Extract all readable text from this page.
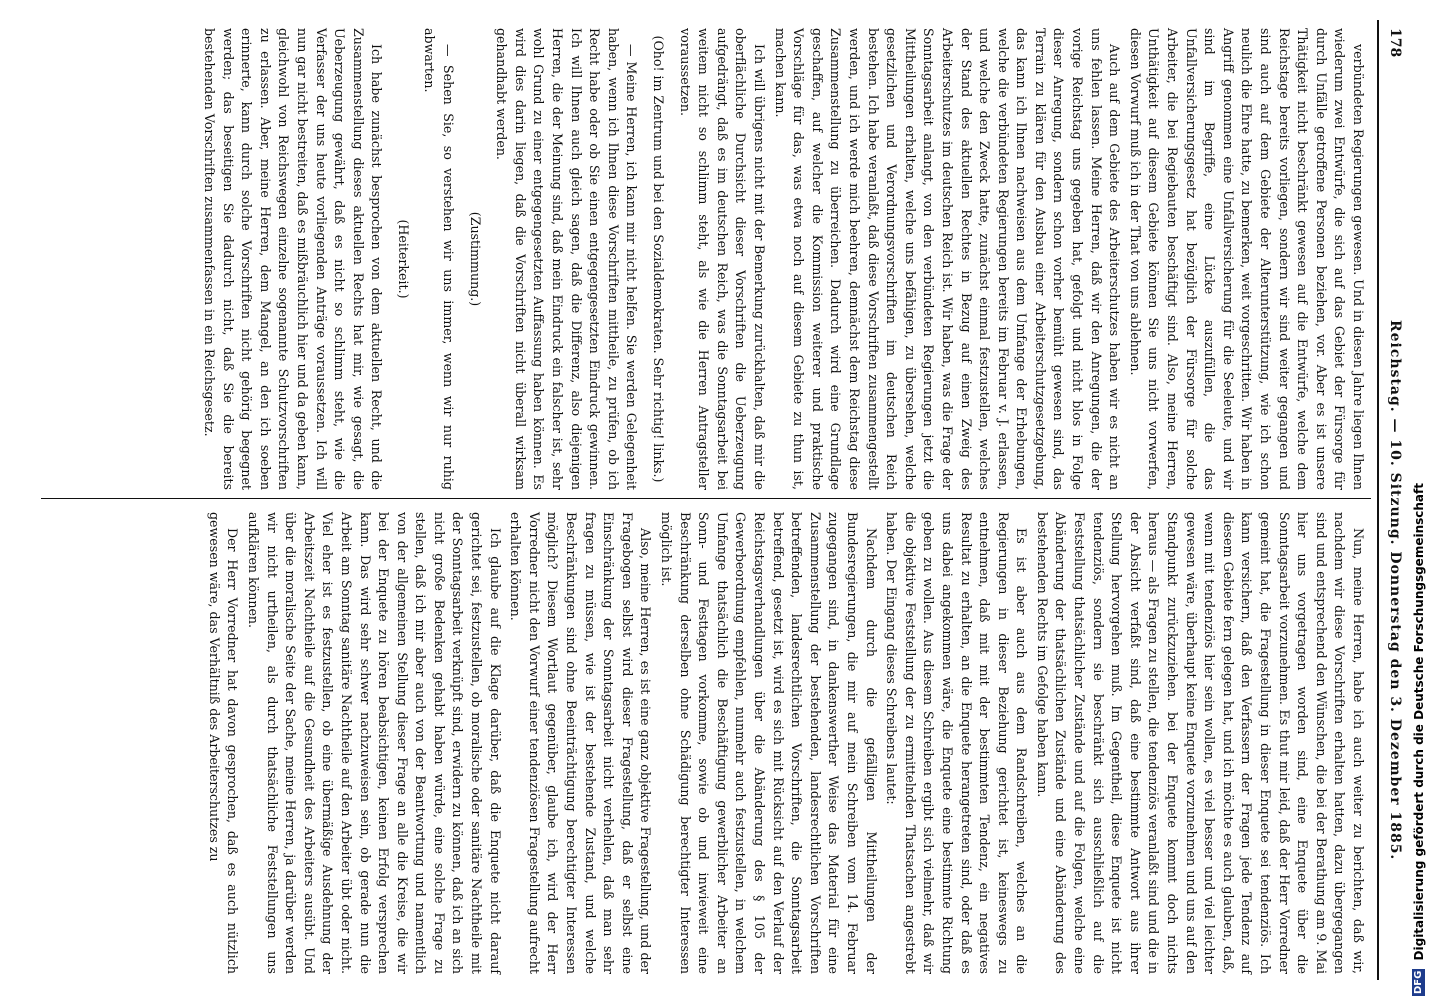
178
Reichstag. — 10. Sitzung. Donnerstag den 3. Dezember 1885.

verbündeten Regierungen gewesen. Und in diesen Jahre liegen Ihnen wiederum zwei Entwürfe, die sich auf das Gebiet der Fürsorge für durch Unfälle getroffene Personen beziehen, vor. Aber es ist unsere Thätigkeit nicht beschränkt gewesen auf die Entwürfe, welche dem Reichstage bereits vorliegen, sondern wir sind weiter gegangen und sind auch auf dem Gebiete der Alterunterstützung, wie ich schon neulich die Ehre hatte, zu bemerken, weit vorgeschritten. Wir haben in Angriff genommen eine Unfallversicherung für die Seeleute, und wir sind im Begriffe, eine Lücke auszufüllen, die das Unfallversicherungsgesetz hat bezüglich der Fürsorge für solche Arbeiter, die bei Regiebauten beschäftigt sind. Also, meine Herren, Unthätigkeit auf diesem Gebiete können Sie uns nicht vorwerfen, diesen Vorwurf muß ich in der That von uns ablehnen.

Auch auf dem Gebiete des Arbeiterschutzes haben wir es nicht an uns fehlen lassen. Meine Herren, daß wir den Anregungen, die der vorige Reichstag uns gegeben hat, gefolgt und nicht blos in Folge dieser Anregung, sondern schon vorher bemüht gewesen sind, das Terrain zu klären für den Ausbau einer Arbeiterschutzgesetzgebung, das kann ich Ihnen nachweisen aus dem Umfange der Erhebungen, welche die verbündeten Regierungen bereits im Februar v. J. erlassen, und welche den Zweck hatte, zunächst einmal festzustellen, welches der Stand des aktuellen Rechtes in Bezug auf einen Zweig des Arbeiterschutzes im deutschen Reich ist. Wir haben, was die Frage der Sonntagsarbeit anlangt, von den verbündeten Regierungen jetzt die Mittheilungen erhalten, welche uns befähigen, zu übersehen, welche gesetzlichen und Verordnungsvorschriften im deutschen Reich bestehen. Ich habe veranlaßt, daß diese Vorschriften zusammengestellt werden, und ich werde mich beehren, demnächst dem Reichstag diese Zusammenstellung zu überreichen. Dadurch wird eine Grundlage geschaffen, auf welcher die Kommission weiterer und praktische Vorschläge für das, was etwa noch auf diesem Gebiete zu thun ist, machen kann.

Ich will übrigens nicht mit der Bemerkung zurückhalten, daß mir die oberflächliche Durchsicht dieser Vorschriften die Ueberzeugung aufgedrängt, daß es im deutschen Reich, was die Sonntagsarbeit bei weitem nicht so schlimm steht, als wie die Herren Antragsteller voraussetzen.

(Oho! im Zentrum und bei den Sozialdemokraten. Sehr richtig! links.)

— Meine Herren, ich kann mir nicht helfen. Sie werden Gelegenheit haben, wenn ich Ihnen diese Vorschriften mittheile, zu prüfen, ob ich Recht habe oder ob Sie einen entgegengesetzten Eindruck gewinnen. Ich will Ihnen auch gleich sagen, daß die Differenz, also diejenigen Herren, die der Meinung sind, daß mein Eindruck ein falscher ist, sehr wohl Grund zu einer entgegengesetzten Auffassung haben können. Es wird dies darin liegen, daß die Vorschriften nicht überall wirksam gehandhabt werden.

(Zustimmung.)

— Sehen Sie, so verstehen wir uns immer, wenn wir nur ruhig abwarten.

(Heiterkeit.)

Ich habe zunächst besprochen von dem aktuellen Recht, und die Zusammenstellung dieses aktuellen Rechts hat mir, wie gesagt, die Ueberzeugung gewährt, daß es nicht so schlimm steht, wie die Verfasser der uns heute vorliegenden Anträge voraussetzen. Ich will nun gar nicht bestreiten, daß es mißbräuchlich hier und da geben kann, gleichwohl von Reichswegen einzelne sogenannte Schutzvorschriften zu erlassen. Aber, meine Herren, dem Mangel, an den ich soeben erinnerte, kann durch solche Vorschriften nicht gehörig begegnet werden; das beseitigen Sie dadurch nicht, daß Sie die bereits bestehenden Vorschriften zusammenfassen in ein Reichsgesetz.

Nun, meine Herren, habe ich auch weiter zu berichten, daß wir, nachdem wir diese Vorschriften erhalten hatten, dazu übergegangen sind und entsprechend den Wünschen, die bei der Berathung am 9. Mai hier uns vorgetragen worden sind, eine Enquete über die Sonntagsarbeit vorzunehmen. Es thut mir leid, daß der Herr Vorredner gemeint hat, die Fragestellung in dieser Enquete sei tendenziös. Ich kann versichern, daß den Verfassern der Fragen jede Tendenz auf diesem Gebiete fern gelegen hat, und ich möchte es auch glauben, daß, wenn mit tendenziös hier sein wollen, es viel besser und viel leichter gewesen wäre, überhaupt keine Enquete vorzunehmen und uns auf den Standpunkt zurückzuziehen. bei der Enquete kommt doch nichts heraus — als Fragen zu stellen, die tendenziös veranlaßt sind und die in der Absicht verfaßt sind, daß eine bestimmte Antwort aus ihrer Stellung hervorgehen muß. Im Gegentheil, diese Enquete ist nicht tendenziös, sondern sie beschränkt sich ausschließlich auf die Feststellung thatsächlicher Zustände und auf die Folgen, welche eine Abänderung der thatsächlichen Zustände und eine Abänderung des bestehenden Rechts im Gefolge haben kann.

Es ist aber auch aus dem Randschreiben, welches an die Regierungen in dieser Beziehung gerichtet ist, keineswegs zu entnehmen, daß mit mit der bestimmten Tendenz, ein negatives Resultat zu erhalten, an die Enquete herangetreten sind, oder daß es uns dabei angekommen wäre, die Enquete eine bestimmte Richtung geben zu wollen. Aus diesem Schreiben ergibt sich vielmehr, daß wir die objektive Feststellung der zu ermittelnden Thatsachen angestrebt haben. Der Eingang dieses Schreibens lautet:

Nachdem durch die gefälligen Mittheilungen der Bundesregierungen, die mir auf mein Schreiben vom 14. Februar zugegangen sind, in dankenswerther Weise das Material für eine Zusammenstellung der bestehenden, landesrechtlichen Vorschriften betreffenden, landesrechtlichen Vorschriften, die Sonntagsarbeit betreffend, gesetzt ist, wird es sich mit Rücksicht auf den Verlauf der Reichstagsverhandlungen über die Abänderung des § 105 der Gewerbeordnung empfehlen, nunmehr auch festzustellen, in welchem Umfange thatsächlich die Beschäftigung gewerblicher Arbeiter an Sonn- und Festtagen vorkomme, sowie ob und inwieweit eine Beschränkung derselben ohne Schädigung berechtigter Interessen möglich ist.

Also, meine Herren, es ist eine ganz objektive Fragestellung, und der Fragebogen selbst wird dieser Fragestellung, daß er selbst eine Einschränkung der Sonntagsarbeit nicht verhehlen, daß man sehr fragen zu müssen, wie ist der bestehende Zustand, und welche Beschränkungen sind ohne Beeinträchtigung berechtigter Interessen möglich? Diesem Wortlaut gegenüber, glaube ich, wird der Herr Vorredner nicht den Vorwurf einer tendenziösen Fragestellung aufrecht erhalten können.

Ich glaube auf die Klage darüber, daß die Enquete nicht darauf gerichtet sei, festzustellen, ob moralische oder sanitäre Nachtheile mit der Sonntagsarbeit verknüpft sind, erwidern zu können, daß ich an sich nicht große Bedenken gehabt haben würde, eine solche Frage zu stellen, daß ich mir aber auch von der Beantwortung und namentlich von der allgemeinen Stellung dieser Frage an alle die Kreise, die wir bei der Enquete zu hören beabsichtigen, keinen Erfolg versprechen kann. Das wird sehr schwer nachzuweisen sein, ob gerade nun die Arbeit am Sonntag sanitäre Nachtheile auf den Arbeiter übt oder nicht. Viel eher ist es festzustellen, ob eine übermäßige Ausdehnung der Arbeitszeit Nachtheile auf die Gesundheit des Arbeiters ausübt. Und über die moralische Seite der Sache, meine Herren, ja darüber werden wir nicht urtheilen, als durch thatsächliche Feststellungen uns aufklären können.

Der Herr Vorredner hat davon gesprochen, daß es auch nützlich gewesen wäre, das Verhältniß des Arbeiterschutzes zu

DFG Digitalisierung gefördert durch die Deutsche Forschungsgemeinschaft
